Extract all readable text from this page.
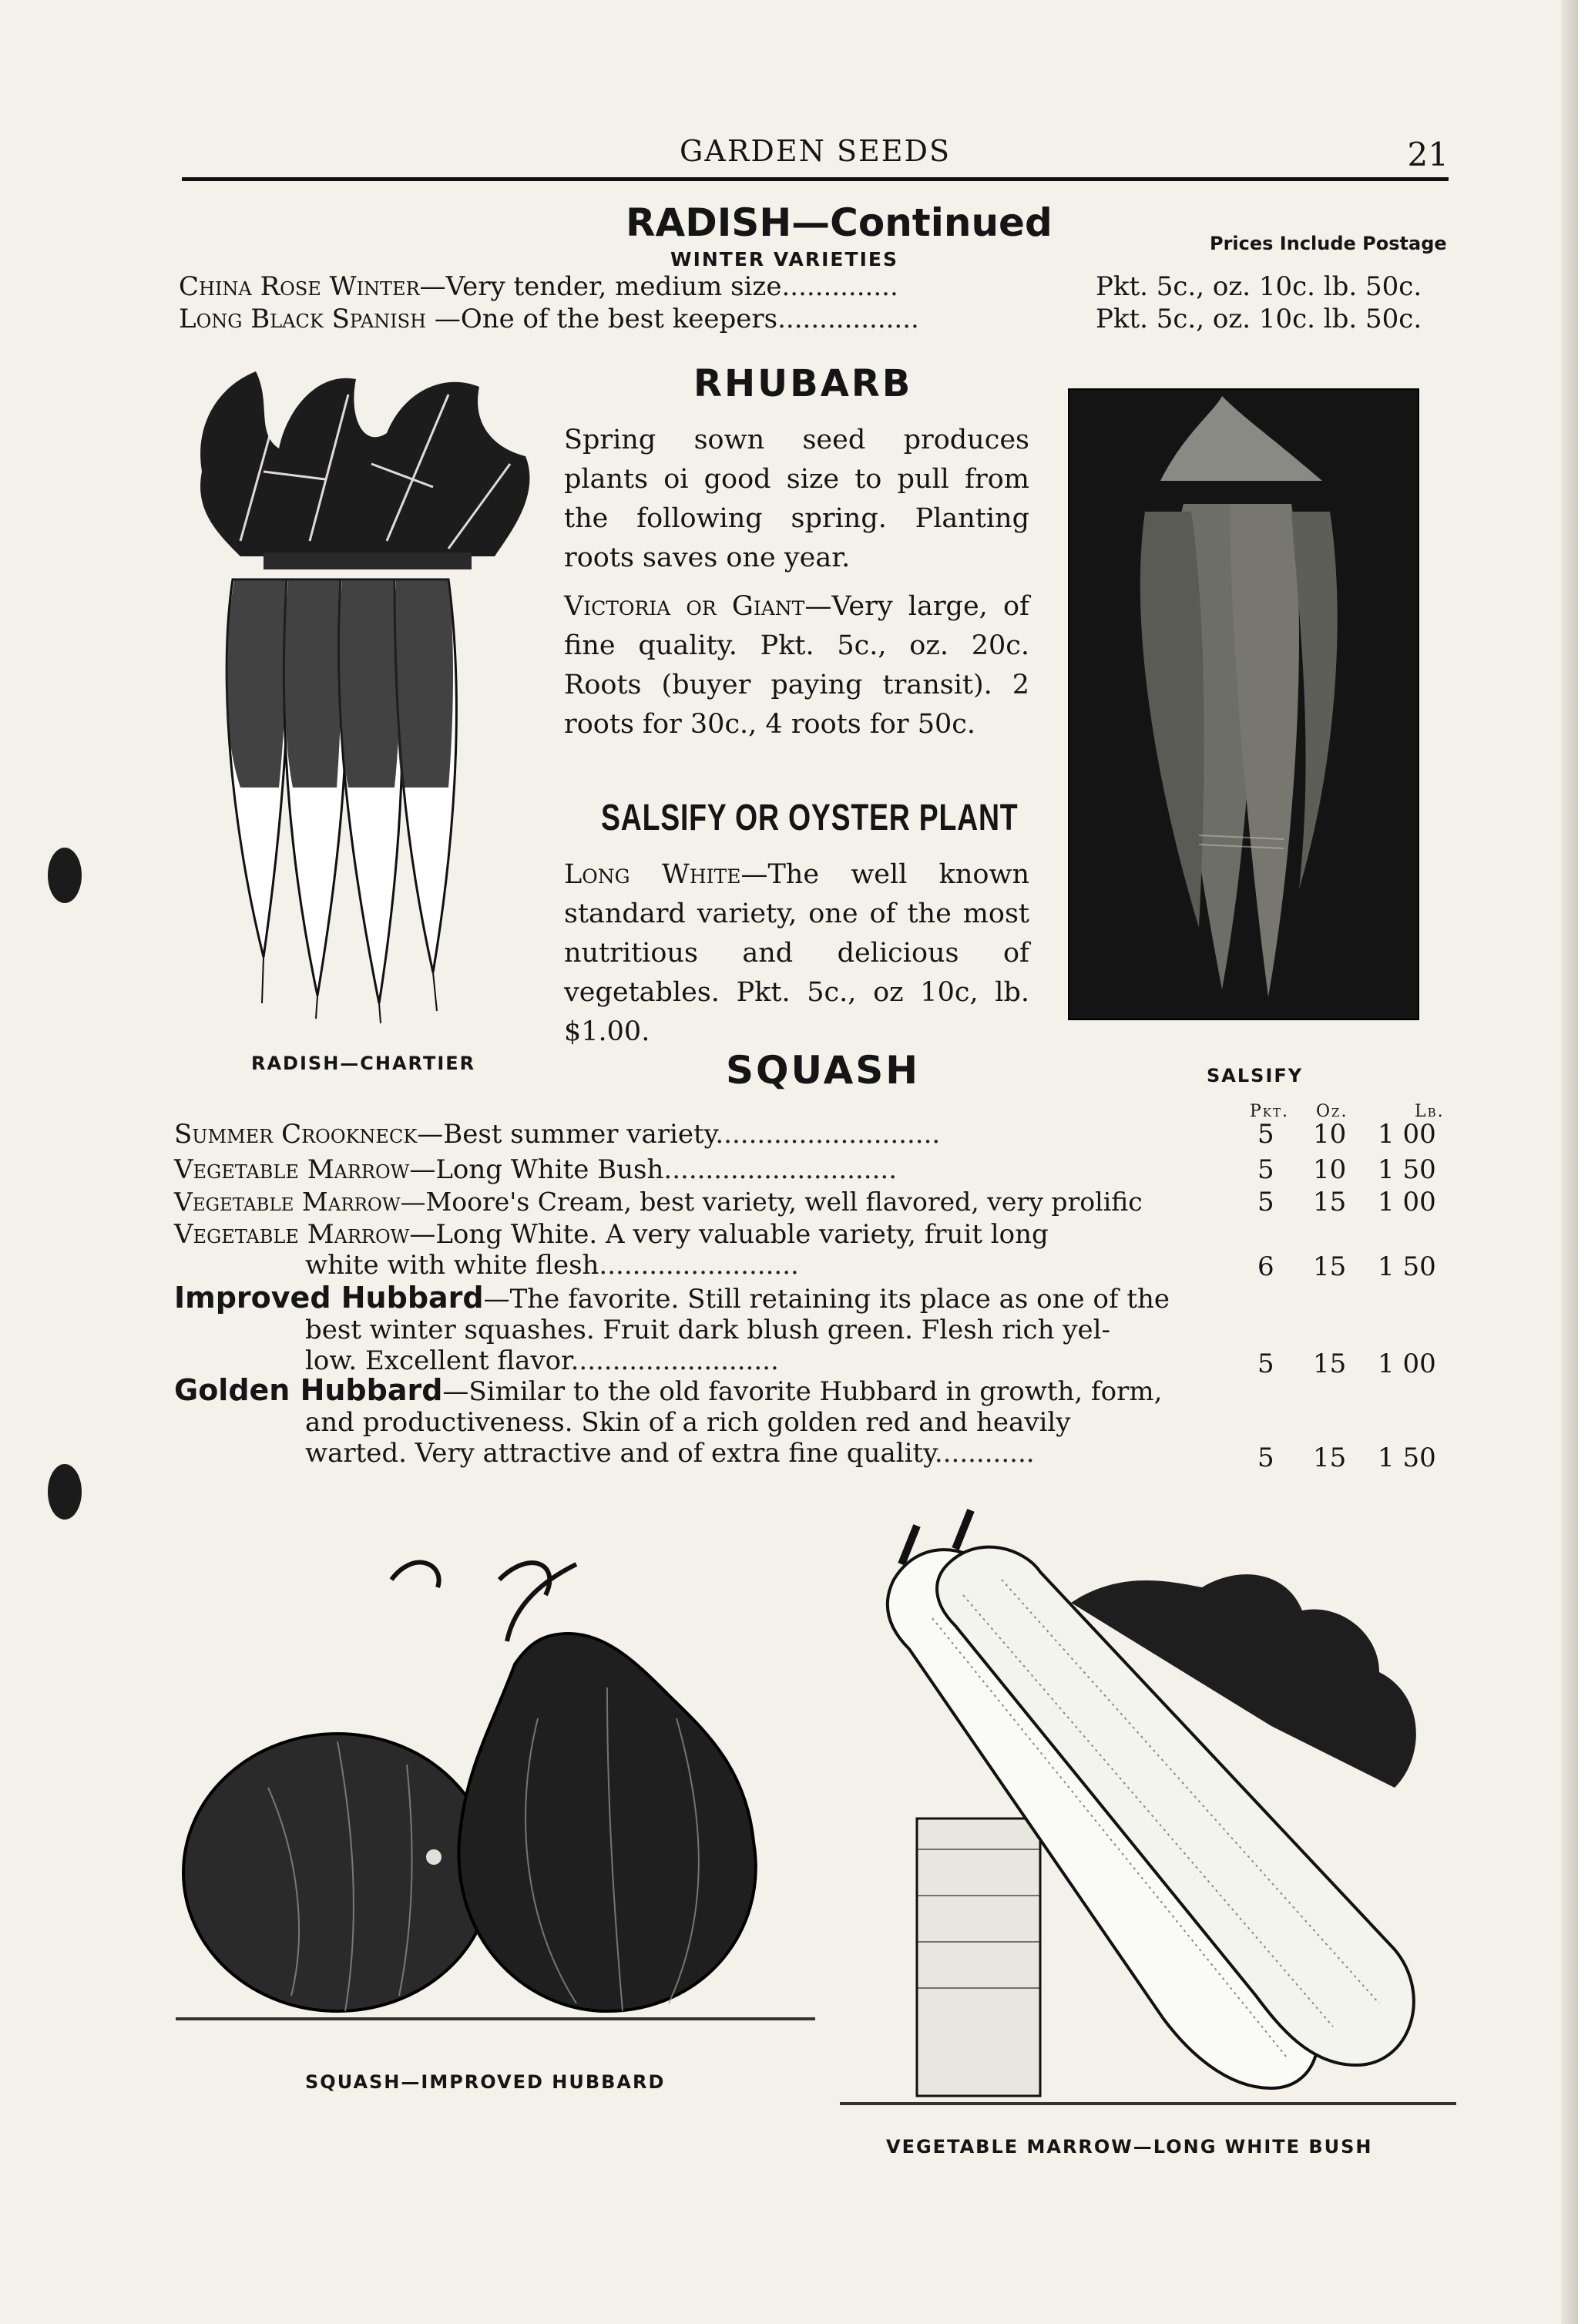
GARDEN SEEDS	21
RADISH—Continued	Prices Include Postage
WINTER VARIETIES
China Rose Winter—Very tender, medium size..............	Pkt. 5c., oz. 10c. lb. 50c.
Long Black Spanish —One of the best keepers.................	Pkt. 5c., oz. 10c. lb. 50c.
RADISH—CHARTIER
RHUBARB
Spring sown seed produces plants oi good size to pull from the following spring. Planting roots saves one year.
Victoria or Giant—Very large, of fine quality. Pkt. 5c., oz. 20c. Roots (buyer paying transit). 2 roots for 30c., 4 roots for 50c.
SALSIFY OR OYSTER PLANT
Long White—The well known standard variety, one of the most nutritious and delicious of vegetables. Pkt. 5c., oz 10c, lb. $1.00.
SALSIFY
SQUASH
Pkt. Oz.	Lb.
Summer Crookneck—Best summer variety...........................	5 10 1 00
Vegetable Marrow—Long White Bush............................	5 10 1 50
Vegetable Marrow—Moore's Cream, best variety, well flavored, very prolific	5 15 1 00
Vegetable Marrow—Long White. A very valuable variety, fruit long
white with white flesh........................	6 15 1 50
Improved Hubbard—The favorite. Still retaining its place as one of the
best winter squashes. Fruit dark blush green. Flesh rich yel-
low. Excellent flavor.........................	5 15 1 00
Golden Hubbard—Similar to the old favorite Hubbard in growth, form,
and productiveness. Skin of a rich golden red and heavily
warted. Very attractive and of extra fine quality............	5 15 1 50
SQUASH—IMPROVED HUBBARD
VEGETABLE MARROW—LONG WHITE BUSH
